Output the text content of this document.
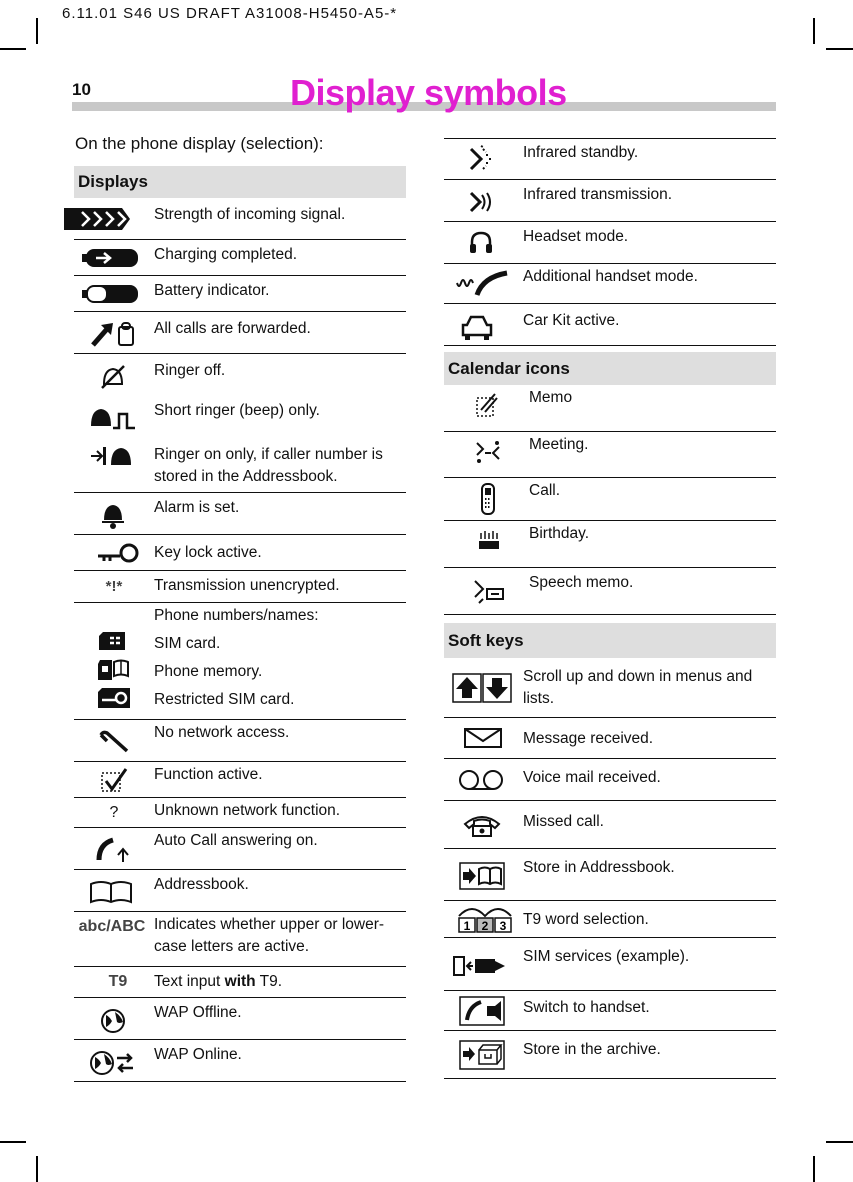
6.11.01 S46 US DRAFT A31008-H5450-A5-*
10	Display symbols
On the phone display (selection):
Displays
Strength of incoming signal.
Charging completed.
Battery indicator.
All calls are forwarded.
Ringer off.
Short ringer (beep) only.
Ringer on only, if caller number is stored in the Addressbook.
Alarm is set.
Key lock active.
*!*	Transmission unencrypted.
Phone numbers/names:
SIM card.
Phone memory.
Restricted SIM card.
No network access.
Function active.
?	Unknown network function.
Auto Call answering on.
Addressbook.
abc/ABC Indicates whether upper or lower-case letters are active.
T9	Text input with T9.
WAP Offline.
WAP Online.
Infrared standby.
Infrared transmission.
Headset mode.
Additional handset mode.
Car Kit active.
Calendar icons
Memo
Meeting.
Call.
Birthday.
Speech memo.
Soft keys
Scroll up and down in menus and lists.
Message received.
Voice mail received.
Missed call.
Store in Addressbook.
1 2 3 T9 word selection.
SIM services (example).
Switch to handset.
Store in the archive.
